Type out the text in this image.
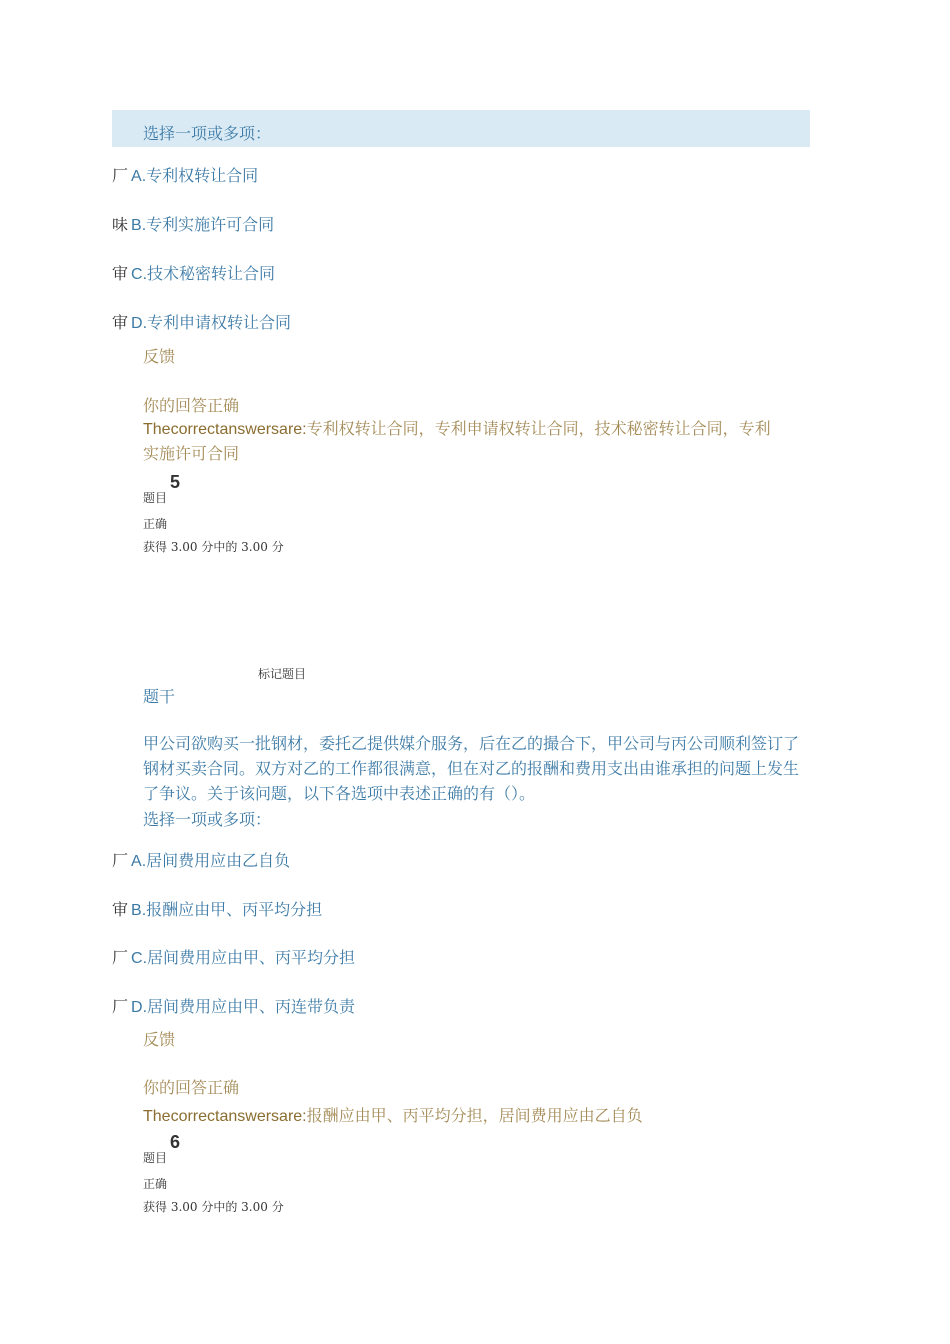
选择一项或多项：
厂 A.专利权转让合同
味 B.专利实施许可合同
审 C.技术秘密转让合同
审 D.专利申请权转让合同
反馈
你的回答正确
Thecorrectanswersare:专利权转让合同，专利申请权转让合同，技术秘密转让合同，专利
实施许可合同
题目
5
正确
获得 3.00 分中的 3.00 分
标记题目
题干
甲公司欲购买一批钢材，委托乙提供媒介服务，后在乙的撮合下，甲公司与丙公司顺利签订了钢材买卖合同。双方对乙的工作都很满意，但在对乙的报酬和费用支出由谁承担的问题上发生了争议。关于该问题，以下各选项中表述正确的有（）。
选择一项或多项：
厂 A.居间费用应由乙自负
审 B.报酬应由甲、丙平均分担
厂 C.居间费用应由甲、丙平均分担
厂 D.居间费用应由甲、丙连带负责
反馈
你的回答正确
Thecorrectanswersare:报酬应由甲、丙平均分担，居间费用应由乙自负
题目
6
正确
获得 3.00 分中的 3.00 分
